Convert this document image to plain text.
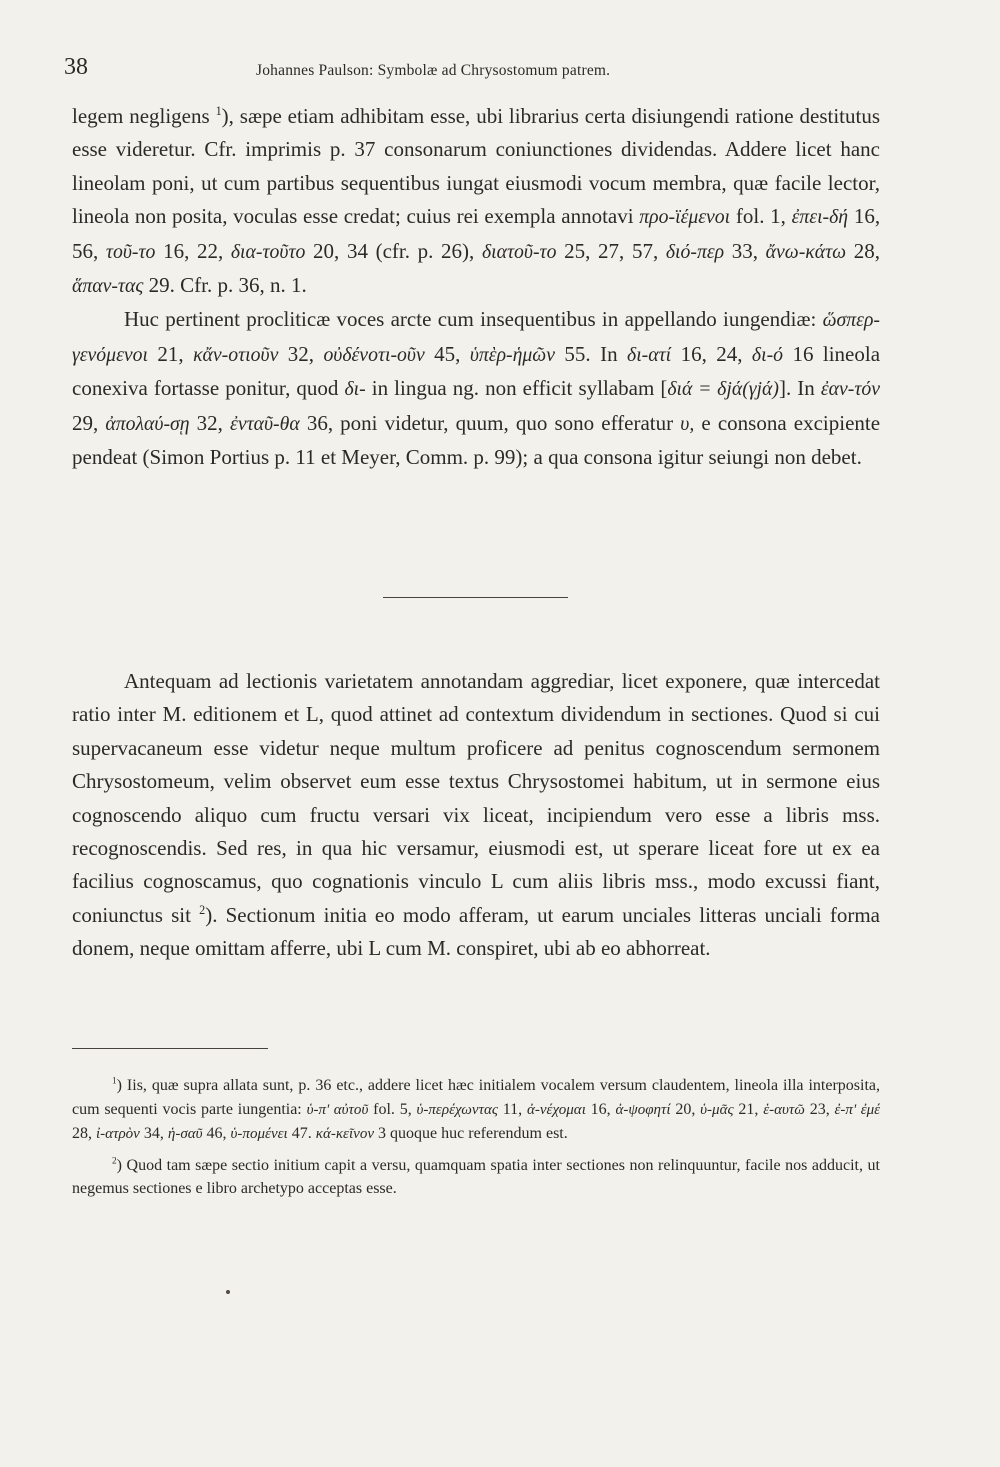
38	Johannes Paulson: Symbolæ ad Chrysostomum patrem.

legem negligens $^1$), sæpe etiam adhibitam esse, ubi librarius certa disiungendi ratione destitutus esse videretur. Cfr. imprimis p. 37 consonarum coniunctiones dividendas. Addere licet hanc lineolam poni, ut cum partibus sequentibus iungat eiusmodi vocum membra, quæ facile lector, lineola non posita, voculas esse credat; cuius rei exempla annotavi προ-ϊέμενοι fol. 1, ἐπει-δή 16, 56, τοῦ-το 16, 22, δια-τοῦτο 20, 34 (cfr. p. 26), διατοῦ-το 25, 27, 57, διό-περ 33, ἄνω-κάτω 28, ἅπαν-τας 29. Cfr. p. 36, n. 1.

Huc pertinent procliticæ voces arcte cum insequentibus in appellando iungendiæ: ὥσπερ-γενόμενοι 21, κἄν-οτιοῦν 32, οὐδένοτι-οῦν 45, ὑπὲρ-ἡμῶν 55. In δι-ατί 16, 24, δι-ό 16 lineola conexiva fortasse ponitur, quod δι- in lingua ng. non efficit syllabam [διά = δjά(γjά)]. In ἐαν-τόν 29, ἀπολαύ-σῃ 32, ἐνταῦ-θα 36, poni videtur, quum, quo sono efferatur υ, e consona excipiente pendeat (Simon Portius p. 11 et Meyer, Comm. p. 99); a qua consona igitur seiungi non debet.

Antequam ad lectionis varietatem annotandam aggrediar, licet exponere, quæ intercedat ratio inter M. editionem et L, quod attinet ad contextum dividendum in sectiones. Quod si cui supervacaneum esse videtur neque multum proficere ad penitus cognoscendum sermonem Chrysostomeum, velim observet eum esse textus Chrysostomei habitum, ut in sermone eius cognoscendo aliquo cum fructu versari vix liceat, incipiendum vero esse a libris mss. recognoscendis. Sed res, in qua hic versamur, eiusmodi est, ut sperare liceat fore ut ex ea facilius cognoscamus, quo cognationis vinculo L cum aliis libris mss., modo excussi fiant, coniunctus sit $^2$). Sectionum initia eo modo afferam, ut earum unciales litteras unciali forma donem, neque omittam afferre, ubi L cum M. conspiret, ubi ab eo abhorreat.

$^1$) Iis, quæ supra allata sunt, p. 36 etc., addere licet hæc initialem vocalem versum claudentem, lineola illa interposita, cum sequenti vocis parte iungentia: ὑ-π' αὐτοῦ fol. 5, ὑ-περέχωντας 11, ἀ-νέχομαι 16, ἀ-ψοφητί 20, ὑ-μᾶς 21, ἑ-αυτῶ 23, ἐ-π' ἐμέ 28, ἰ-ατρὸν 34, ἡ-σαῦ 46, ὑ-πομένει 47. κά-κεῖνον 3 quoque huc referendum est.

$^2$) Quod tam sæpe sectio initium capit a versu, quamquam spatia inter sectiones non relinquuntur, facile nos adducit, ut negemus sectiones e libro archetypo acceptas esse.
